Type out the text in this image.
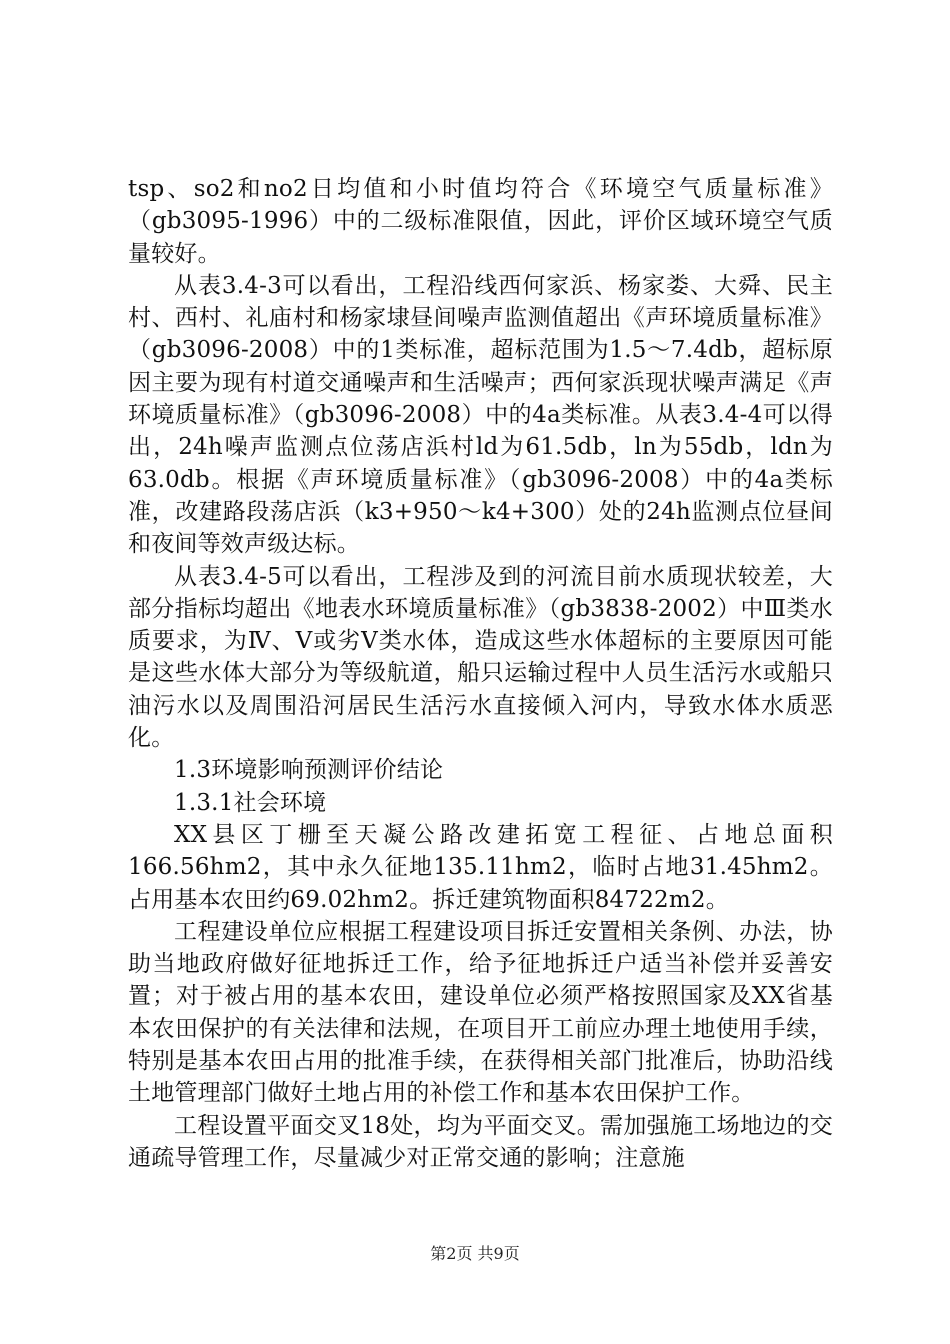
tsp、so2和no2日均值和小时值均符合《环境空气质量标准》（gb3095-1996）中的二级标准限值，因此，评价区域环境空气质量较好。

从表3.4-3可以看出，工程沿线西何家浜、杨家娄、大舜、民主村、西村、礼庙村和杨家埭昼间噪声监测值超出《声环境质量标准》（gb3096-2008）中的1类标准，超标范围为1.5～7.4db，超标原因主要为现有村道交通噪声和生活噪声；西何家浜现状噪声满足《声环境质量标准》（gb3096-2008）中的4a类标准。从表3.4-4可以得出，24h噪声监测点位荡店浜村ld为61.5db，ln为55db，ldn为63.0db。根据《声环境质量标准》（gb3096-2008）中的4a类标准，改建路段荡店浜（k3+950～k4+300）处的24h监测点位昼间和夜间等效声级达标。

从表3.4-5可以看出，工程涉及到的河流目前水质现状较差，大部分指标均超出《地表水环境质量标准》（gb3838-2002）中Ⅲ类水质要求，为Ⅳ、Ⅴ或劣Ⅴ类水体，造成这些水体超标的主要原因可能是这些水体大部分为等级航道，船只运输过程中人员生活污水或船只油污水以及周围沿河居民生活污水直接倾入河内，导致水体水质恶化。

1.3环境影响预测评价结论

1.3.1社会环境

XX县区丁栅至天凝公路改建拓宽工程征、占地总面积166.56hm2，其中永久征地135.11hm2，临时占地31.45hm2。占用基本农田约69.02hm2。拆迁建筑物面积84722m2。

工程建设单位应根据工程建设项目拆迁安置相关条例、办法，协助当地政府做好征地拆迁工作，给予征地拆迁户适当补偿并妥善安置；对于被占用的基本农田，建设单位必须严格按照国家及XX省基本农田保护的有关法律和法规，在项目开工前应办理土地使用手续，特别是基本农田占用的批准手续，在获得相关部门批准后，协助沿线土地管理部门做好土地占用的补偿工作和基本农田保护工作。

工程设置平面交叉18处，均为平面交叉。需加强施工场地边的交通疏导管理工作，尽量减少对正常交通的影响；注意施

第2页 共9页
